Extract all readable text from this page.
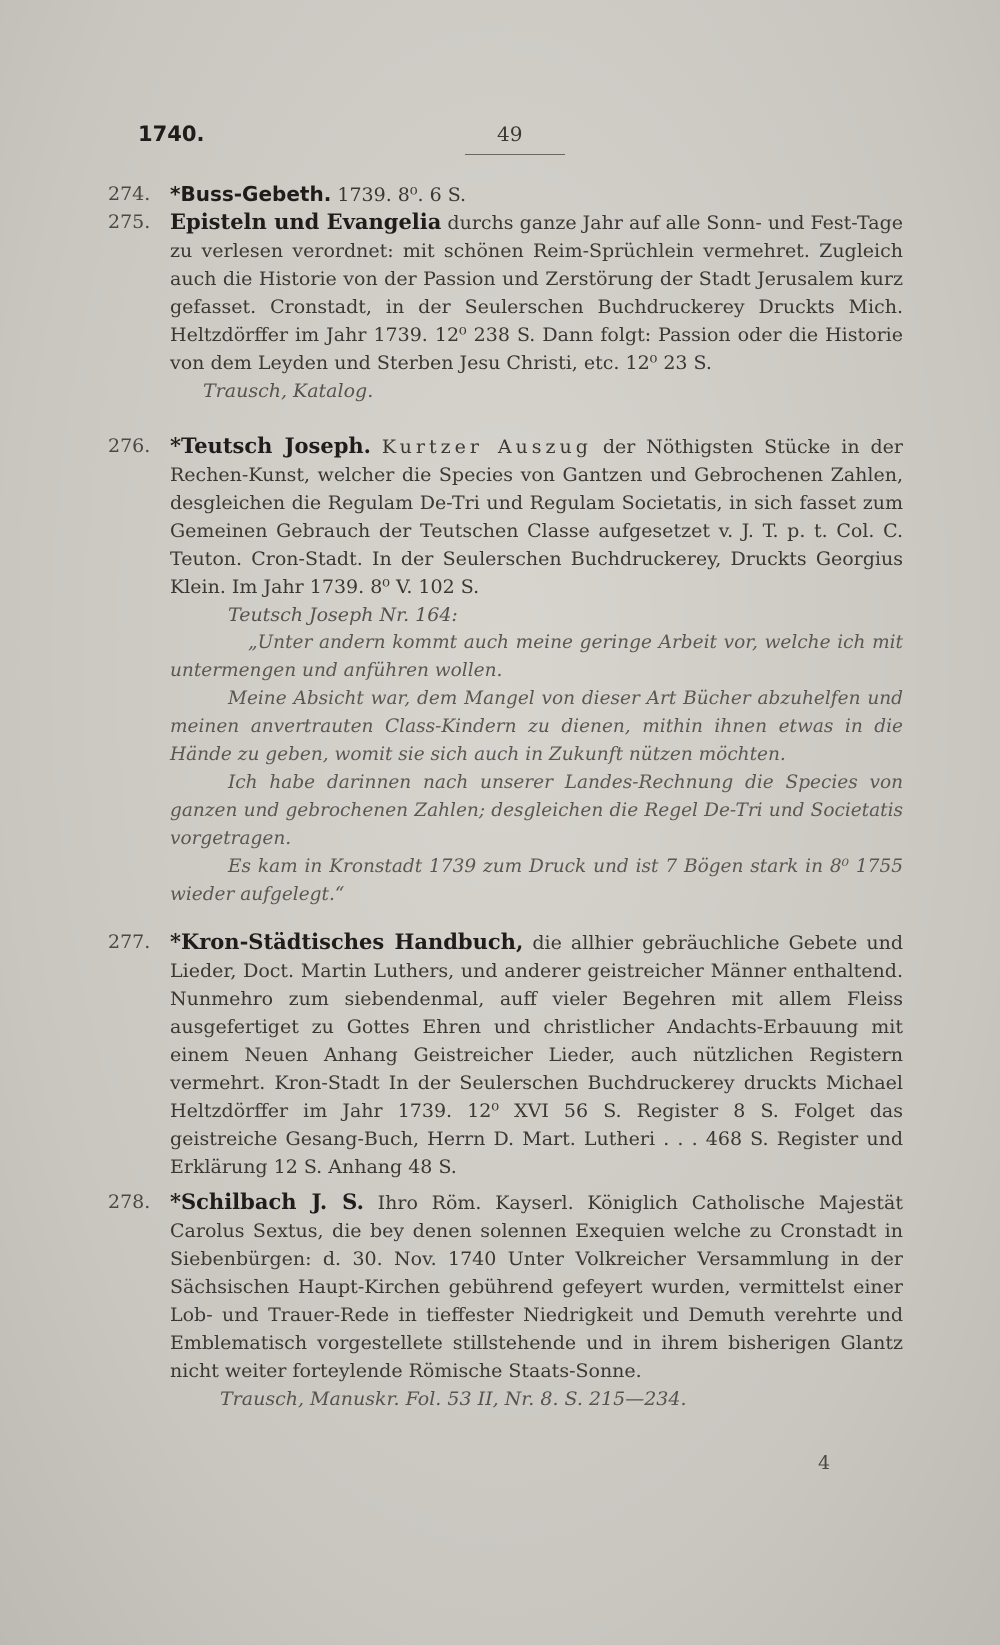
1740.	49
274. *Buss-Gebeth. 1739. 8⁰. 6 S.
275. Episteln und Evangelia durchs ganze Jahr auf alle Sonn- und Fest-Tage zu verlesen verordnet: mit schönen Reim-Sprüchlein vermehret. Zugleich auch die Historie von der Passion und Zerstörung der Stadt Jerusalem kurz gefasset. Cronstadt, in der Seulerschen Buchdruckerey Druckts Mich. Heltzdörffer im Jahr 1739. 12⁰ 238 S. Dann folgt: Passion oder die Historie von dem Leyden und Sterben Jesu Christi, etc. 12⁰ 23 S.
Trausch, Katalog.
276. *Teutsch Joseph. Kurtzer Auszug der Nöthigsten Stücke in der Rechen-Kunst, welcher die Species von Gantzen und Gebrochenen Zahlen, desgleichen die Regulam De-Tri und Regulam Societatis, in sich fasset zum Gemeinen Gebrauch der Teutschen Classe aufgesetzet v. J. T. p. t. Col. C. Teuton. Cron-Stadt. In der Seulerschen Buchdruckerey, Druckts Georgius Klein. Im Jahr 1739. 8⁰ V. 102 S.
Teutsch Joseph Nr. 164:

„Unter andern kommt auch meine geringe Arbeit vor, welche ich mit untermengen und anführen wollen.

Meine Absicht war, dem Mangel von dieser Art Bücher abzuhelfen und meinen anvertrauten Class-Kindern zu dienen, mithin ihnen etwas in die Hände zu geben, womit sie sich auch in Zukunft nützen möchten.

Ich habe darinnen nach unserer Landes-Rechnung die Species von ganzen und gebrochenen Zahlen; desgleichen die Regel De-Tri und Societatis vorgetragen.

Es kam in Kronstadt 1739 zum Druck und ist 7 Bögen stark in 8⁰ 1755 wieder aufgelegt.“

277. *Kron-Städtisches Handbuch, die allhier gebräuchliche Gebete und Lieder, Doct. Martin Luthers, und anderer geistreicher Männer enthaltend. Nunmehro zum siebendenmal, auff vieler Begehren mit allem Fleiss ausgefertiget zu Gottes Ehren und christlicher Andachts-Erbauung mit einem Neuen Anhang Geistreicher Lieder, auch nützlichen Registern vermehrt. Kron-Stadt In der Seulerschen Buchdruckerey druckts Michael Heltzdörffer im Jahr 1739. 12⁰ XVI 56 S. Register 8 S. Folget das geistreiche Gesang-Buch, Herrn D. Mart. Lutheri . . . 468 S. Register und Erklärung 12 S. Anhang 48 S.
278. *Schilbach J. S. Ihro Röm. Kayserl. Königlich Catholische Majestät Carolus Sextus, die bey denen solennen Exequien welche zu Cronstadt in Siebenbürgen: d. 30. Nov. 1740 Unter Volkreicher Versammlung in der Sächsischen Haupt-Kirchen gebührend gefeyert wurden, vermittelst einer Lob- und Trauer-Rede in tieffester Niedrigkeit und Demuth verehrte und Emblematisch vorgestellete stillstehende und in ihrem bisherigen Glantz nicht weiter forteylende Römische Staats-Sonne.
Trausch, Manuskr. Fol. 53 II, Nr. 8. S. 215—234.
4
